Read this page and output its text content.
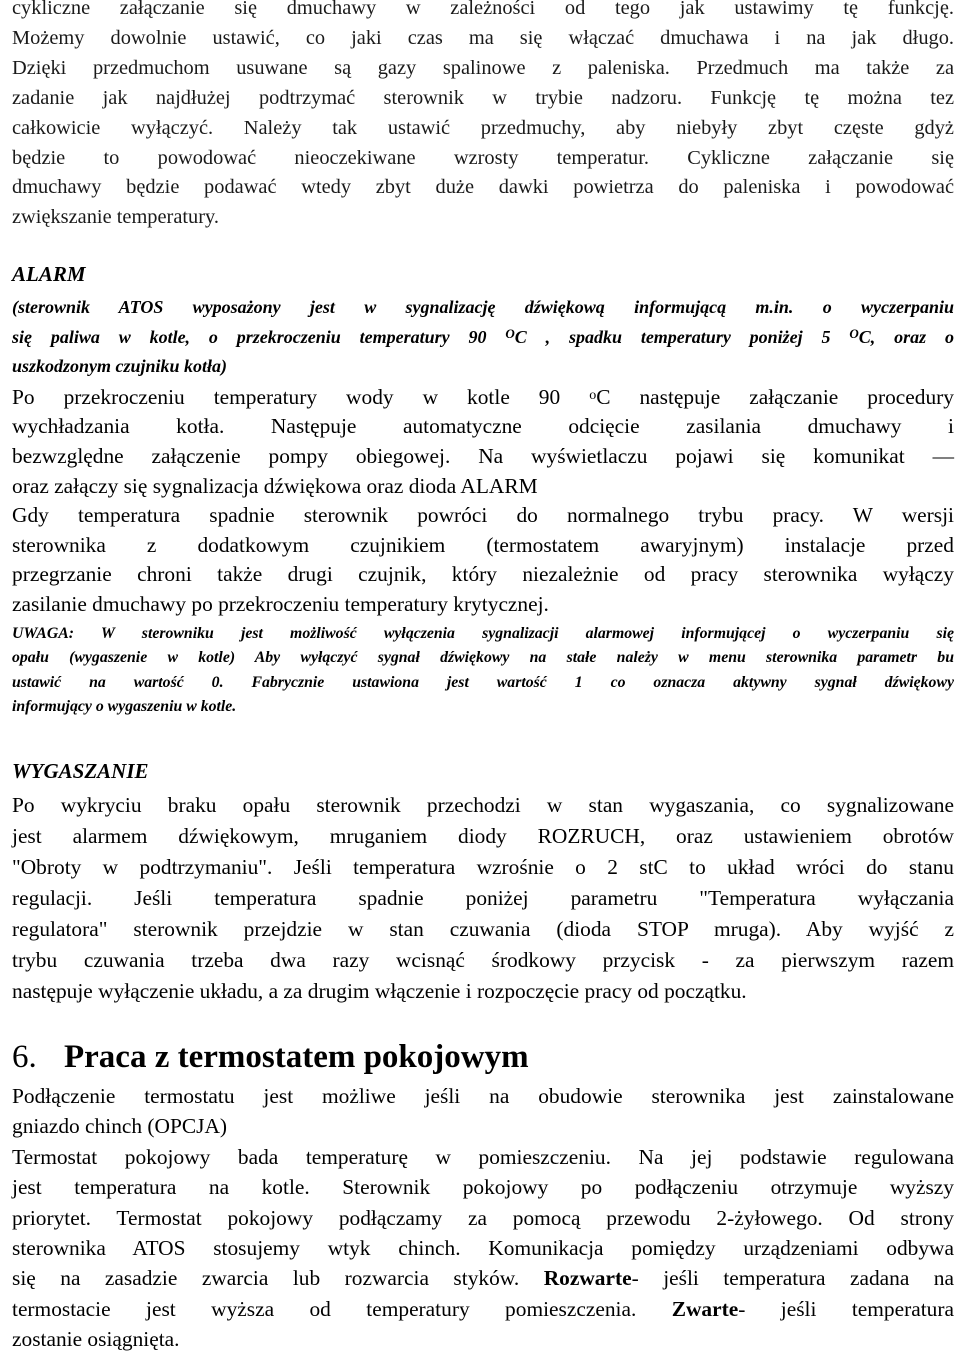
cykliczne załączanie się dmuchawy w zależności od tego jak ustawimy tę funkcję.
Możemy dowolnie ustawić, co jaki czas ma się włączać dmuchawa i na jak długo.
Dzięki przedmuchom usuwane są gazy spalinowe z paleniska. Przedmuch ma także za
zadanie jak najdłużej podtrzymać sterownik w trybie nadzoru. Funkcję tę można tez
całkowicie wyłączyć. Należy tak ustawić przedmuchy, aby niebyły zbyt częste gdyż
będzie to powodować nieoczekiwane wzrosty temperatur. Cykliczne załączanie się
dmuchawy będzie podawać wtedy zbyt duże dawki powietrza do paleniska i powodować
zwiększanie temperatury.
ALARM
(sterownik ATOS wyposażony jest w sygnalizację dźwiękową informującą m.in. o wyczerpaniu
się paliwa w kotle, o przekroczeniu temperatury 90 $^O$C , spadku temperatury poniżej 5 $^O$C, oraz o
uszkodzonym czujniku kotła)
Po przekroczeniu temperatury wody w kotle 90 $^o$C następuje załączanie procedury
wychładzania kotła. Następuje automatyczne odcięcie zasilania dmuchawy i
bezwzględne załączenie pompy obiegowej. Na wyświetlaczu pojawi się komunikat —
oraz załączy się sygnalizacja dźwiękowa oraz dioda ALARM
Gdy temperatura spadnie sterownik powróci do normalnego trybu pracy. W wersji
sterownika z dodatkowym czujnikiem (termostatem awaryjnym) instalacje przed
przegrzanie chroni także drugi czujnik, który niezależnie od pracy sterownika wyłączy
zasilanie dmuchawy po przekroczeniu temperatury krytycznej.
UWAGA: W sterowniku jest możliwość wyłączenia sygnalizacji alarmowej informującej o wyczerpaniu się
opału (wygaszenie w kotle) Aby wyłączyć sygnał dźwiękowy na stałe należy w menu sterownika parametr bu
ustawić na wartość 0. Fabrycznie ustawiona jest wartość 1 co oznacza aktywny sygnał dźwiękowy
informujący o wygaszeniu w kotle.
WYGASZANIE
Po wykryciu braku opału sterownik przechodzi w stan wygaszania, co sygnalizowane
jest alarmem dźwiękowym, mruganiem diody ROZRUCH, oraz ustawieniem obrotów
"Obroty w podtrzymaniu". Jeśli temperatura wzrośnie o 2 stC to układ wróci do stanu
regulacji. Jeśli temperatura spadnie poniżej parametru "Temperatura wyłączania
regulatora" sterownik przejdzie w stan czuwania (dioda STOP mruga). Aby wyjść z
trybu czuwania trzeba dwa razy wcisnąć środkowy przycisk - za pierwszym razem
następuje wyłączenie układu, a za drugim włączenie i rozpoczęcie pracy od początku.
6. Praca z termostatem pokojowym
Podłączenie termostatu jest możliwe jeśli na obudowie sterownika jest zainstalowane
gniazdo chinch (OPCJA)
Termostat pokojowy bada temperaturę w pomieszczeniu. Na jej podstawie regulowana
jest temperatura na kotle. Sterownik pokojowy po podłączeniu otrzymuje wyższy
priorytet. Termostat pokojowy podłączamy za pomocą przewodu 2-żyłowego. Od strony
sterownika ATOS stosujemy wtyk chinch. Komunikacja pomiędzy urządzeniami odbywa
się na zasadzie zwarcia lub rozwarcia styków. Rozwarte- jeśli temperatura zadana na
termostacie jest wyższa od temperatury pomieszczenia. Zwarte- jeśli temperatura
zostanie osiągnięta.
